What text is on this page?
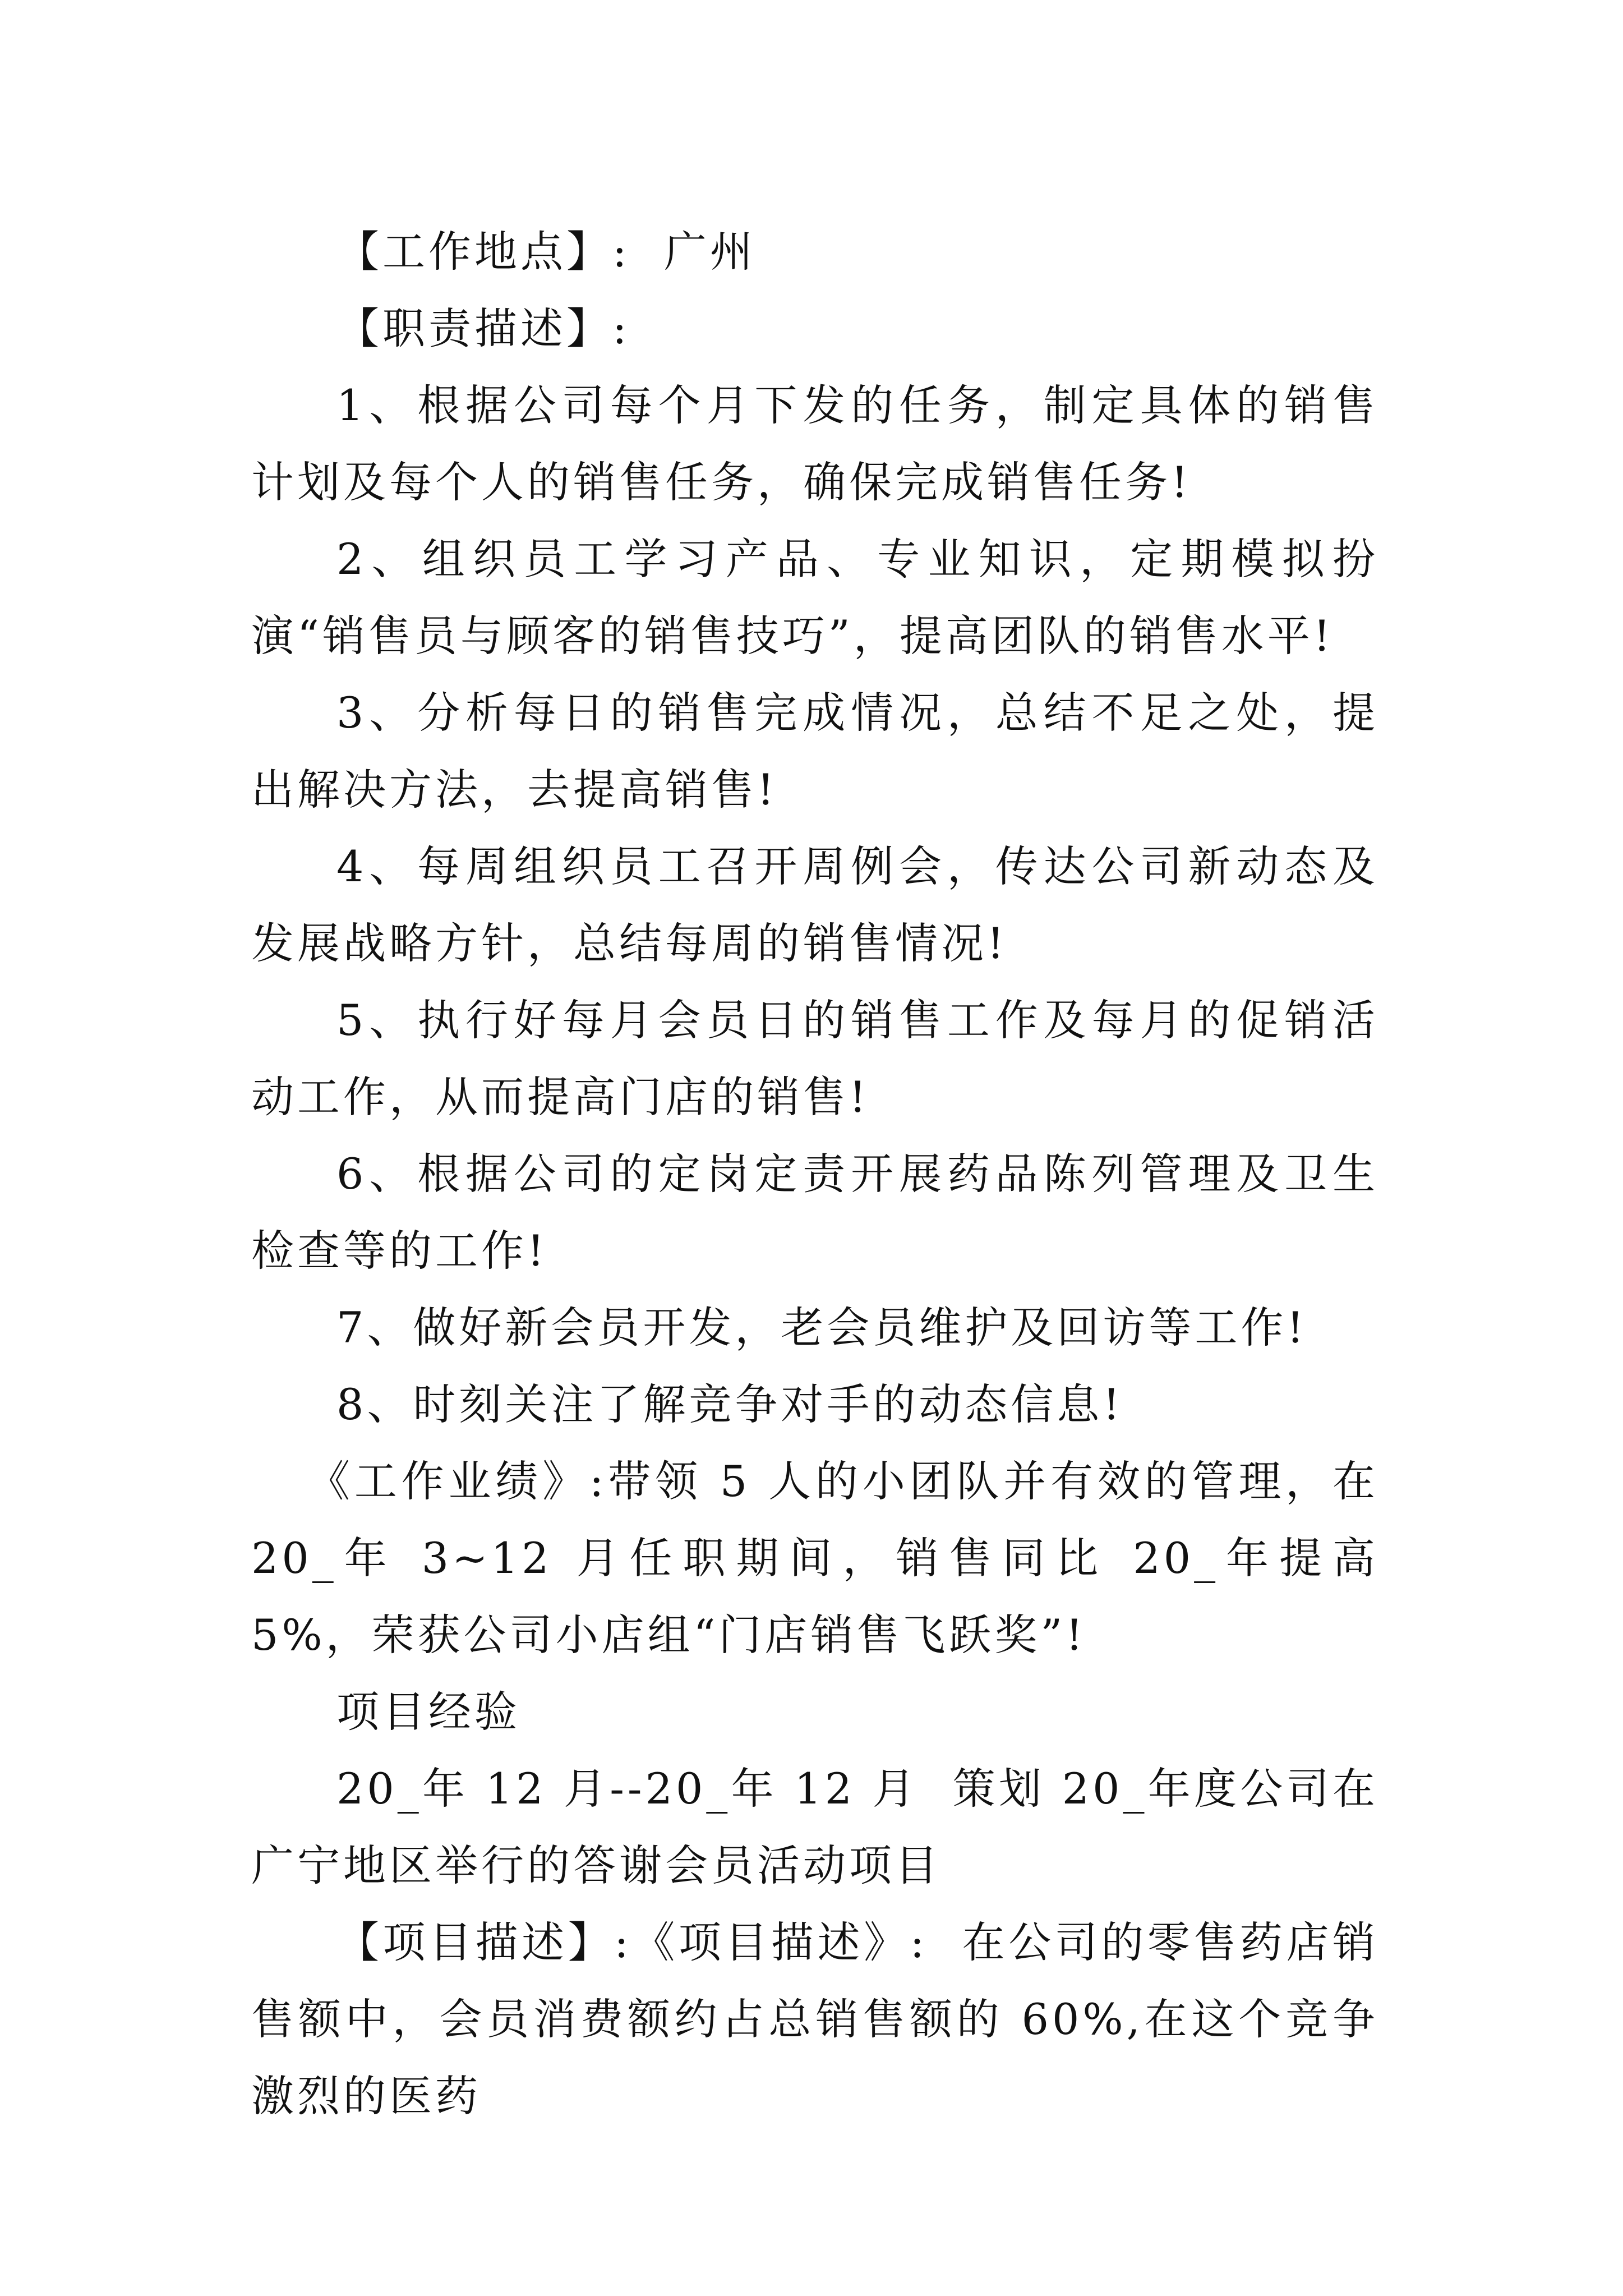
【工作地点】:  广州

【职责描述】:

1、根据公司每个月下发的任务，制定具体的销售计划及每个人的销售任务，确保完成销售任务!

2、组织员工学习产品、专业知识，定期模拟扮演“销售员与顾客的销售技巧”，提高团队的销售水平!

3、分析每日的销售完成情况，总结不足之处，提出解决方法，去提高销售!

4、每周组织员工召开周例会，传达公司新动态及发展战略方针，总结每周的销售情况!

5、执行好每月会员日的销售工作及每月的促销活动工作，从而提高门店的销售!

6、根据公司的定岗定责开展药品陈列管理及卫生检查等的工作!

7、做好新会员开发，老会员维护及回访等工作!

8、时刻关注了解竞争对手的动态信息!

《工作业绩》:带领 5 人的小团队并有效的管理，在 20_年 3~12 月任职期间，销售同比 20_年提高 5%，荣获公司小店组“门店销售飞跃奖”!

项目经验

20_年 12 月--20_年 12 月  策划 20_年度公司在广宁地区举行的答谢会员活动项目

【项目描述】:《项目描述》:  在公司的零售药店销售额中，会员消费额约占总销售额的 60%,在这个竞争激烈的医药
